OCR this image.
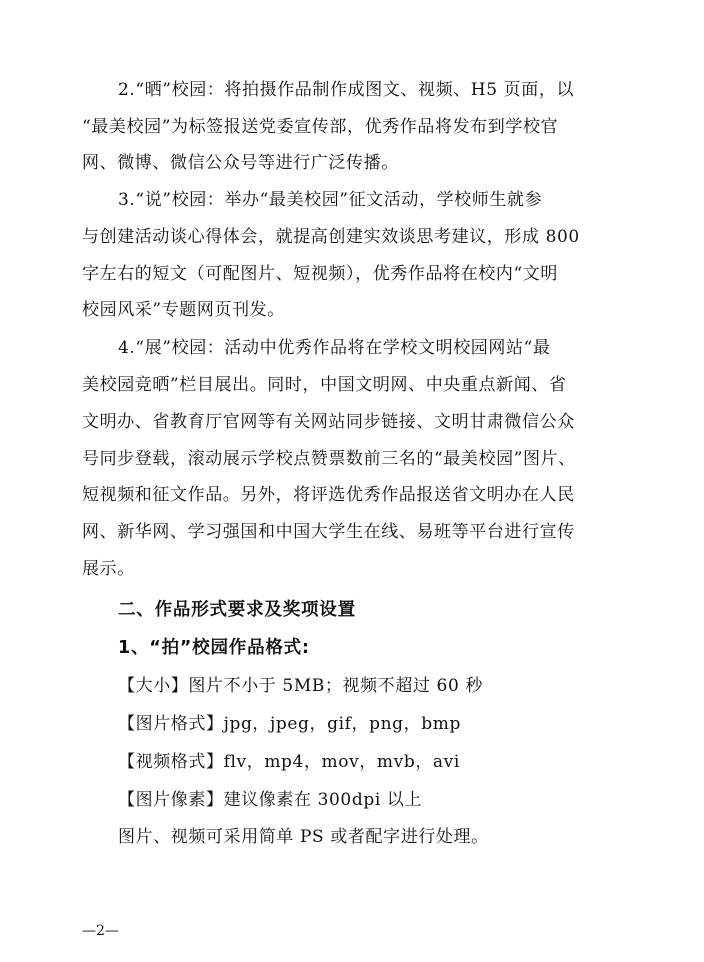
2.“晒”校园：将拍摄作品制作成图文、视频、H5 页面，以
“最美校园”为标签报送党委宣传部，优秀作品将发布到学校官
网、微博、微信公众号等进行广泛传播。
3.“说”校园：举办“最美校园”征文活动，学校师生就参
与创建活动谈心得体会，就提高创建实效谈思考建议，形成 800
字左右的短文（可配图片、短视频），优秀作品将在校内“文明
校园风采”专题网页刊发。
4.“展”校园：活动中优秀作品将在学校文明校园网站“最
美校园竞晒”栏目展出。同时，中国文明网、中央重点新闻、省
文明办、省教育厅官网等有关网站同步链接、文明甘肃微信公众
号同步登载，滚动展示学校点赞票数前三名的“最美校园”图片、
短视频和征文作品。另外，将评选优秀作品报送省文明办在人民
网、新华网、学习强国和中国大学生在线、易班等平台进行宣传
展示。
二、作品形式要求及奖项设置
1、“拍”校园作品格式:
【大小】图片不小于 5MB；视频不超过 60 秒
【图片格式】jpg，jpeg，gif，png，bmp
【视频格式】flv，mp4，mov，mvb，avi
【图片像素】建议像素在 300dpi 以上
图片、视频可采用简单 PS 或者配字进行处理。
—2—
